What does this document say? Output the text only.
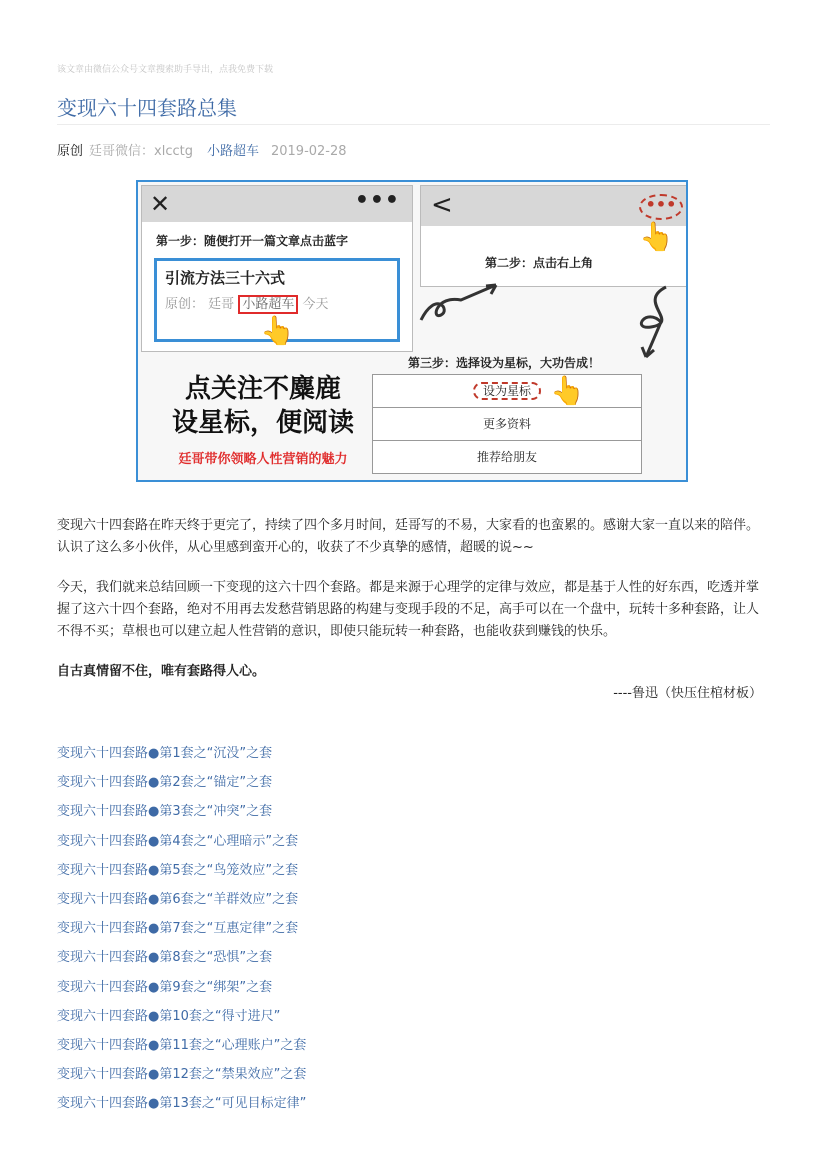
该文章由微信公众号文章搜索助手导出，点我免费下载
变现六十四套路总集
原创 廷哥微信：xlcctg 小路超车 2019-02-28
✕	•••
第一步：随便打开一篇文章点击蓝字
引流方法三十六式
原创： 廷哥 小路超车 今天
👆
<	•••
第二步：点击右上角
👆
第三步：选择设为星标，大功告成！
点关注不麋鹿
设星标，便阅读
廷哥带你领略人性营销的魅力
设为星标
更多资料
推荐给朋友
👆

变现六十四套路在昨天终于更完了，持续了四个多月时间，廷哥写的不易，大家看的也蛮累的。感谢大家一直以来的陪伴。认识了这么多小伙伴，从心里感到蛮开心的，收获了不少真挚的感情，超暖的说~~

今天，我们就来总结回顾一下变现的这六十四个套路。都是来源于心理学的定律与效应，都是基于人性的好东西，吃透并掌握了这六十四个套路，绝对不用再去发愁营销思路的构建与变现手段的不足，高手可以在一个盘中，玩转十多种套路，让人不得不买；草根也可以建立起人性营销的意识，即使只能玩转一种套路，也能收获到赚钱的快乐。

自古真情留不住，唯有套路得人心。

----鲁迅（快压住棺材板）
变现六十四套路●第1套之“沉没”之套
变现六十四套路●第2套之“锚定”之套
变现六十四套路●第3套之“冲突”之套
变现六十四套路●第4套之“心理暗示”之套
变现六十四套路●第5套之“鸟笼效应”之套
变现六十四套路●第6套之“羊群效应”之套
变现六十四套路●第7套之“互惠定律”之套
变现六十四套路●第8套之“恐惧”之套
变现六十四套路●第9套之“绑架”之套
变现六十四套路●第10套之“得寸进尺”
变现六十四套路●第11套之“心理账户”之套
变现六十四套路●第12套之“禁果效应”之套
变现六十四套路●第13套之“可见目标定律”
